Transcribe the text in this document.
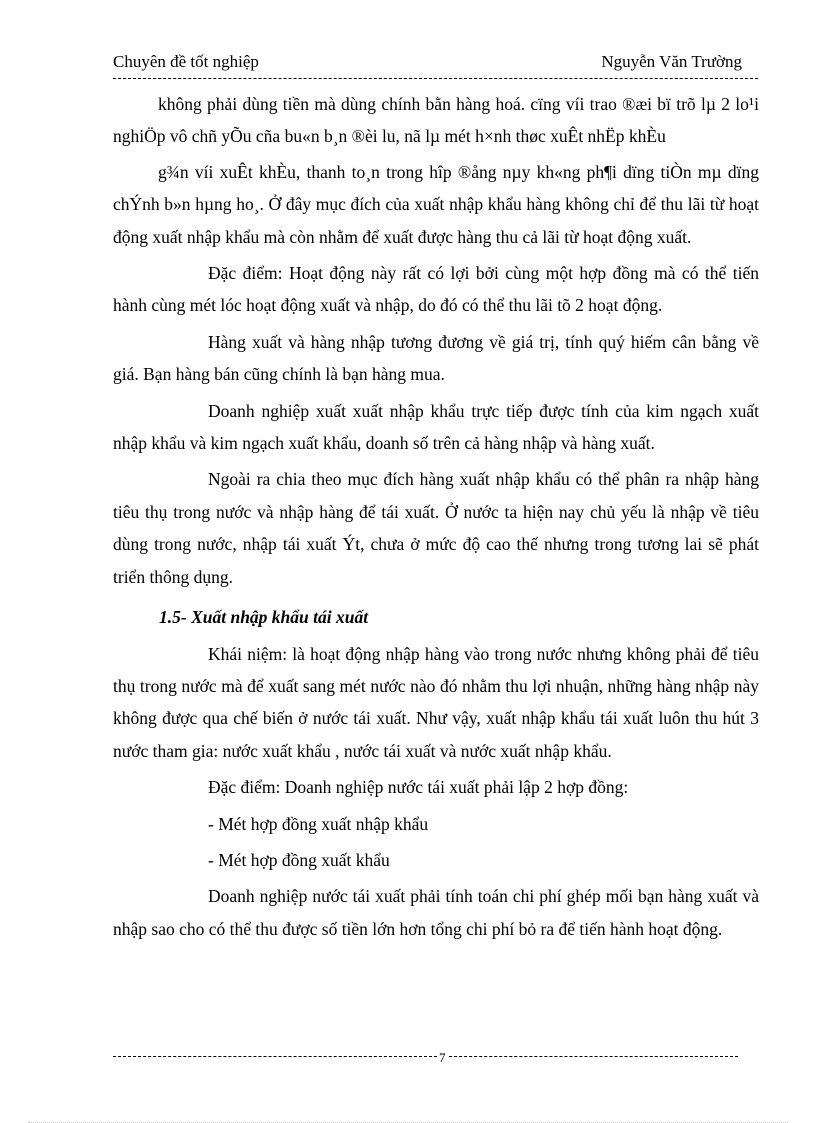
Chuyên đề tốt nghiệp	Nguyễn Văn Trường

không phải dùng tiền mà dùng chính bằn hàng hoá. cïng víi trao ®æi bï trõ lµ 2 lo¹i nghiÖp vô chñ yÕu cña bu«n b¸n ®èi lu, nã lµ mét h×nh thøc xuÊt nhËp khÈu

g¾n víi xuÊt khÈu, thanh to¸n trong hîp ®ång nµy kh«ng ph¶i dïng tiÒn mµ dïng chÝnh b»n hµng ho¸. Ở đây mục đích của xuất nhập khẩu hàng không chỉ để thu lãi từ hoạt động xuất nhập khẩu mà còn nhằm để xuất được hàng thu cả lãi từ hoạt động xuất.

Đặc điểm: Hoạt động này rất có lợi bởi cùng một hợp đồng mà có thể tiến hành cùng mét lóc hoạt động xuất và nhập, do đó có thể thu lãi tõ 2 hoạt động.

Hàng xuất và hàng nhập tương đương về giá trị, tính quý hiếm cân bằng về giá. Bạn hàng bán cũng chính là bạn hàng mua.

Doanh nghiệp xuất xuất nhập khẩu trực tiếp được tính của kim ngạch xuất nhập khẩu và kim ngạch xuất khẩu, doanh số trên cả hàng nhập và hàng xuất.

Ngoài ra chia theo mục đích hàng xuất nhập khẩu có thể phân ra nhập hàng tiêu thụ trong nước và nhập hàng để tái xuất. Ở nước ta hiện nay chủ yếu là nhập về tiêu dùng trong nước, nhập tái xuất Ýt, chưa ở mức độ cao thế nhưng trong tương lai sẽ phát triển thông dụng.

1.5- Xuất nhập khẩu tái xuất

Khái niệm: là hoạt động nhập hàng vào trong nước nhưng không phải để tiêu thụ trong nước mà để xuất sang mét nước nào đó nhằm thu lợi nhuận, những hàng nhập này không được qua chế biến ở nước tái xuất. Như vậy, xuất nhập khẩu tái xuất luôn thu hút 3 nước tham gia: nước xuất khẩu , nước tái xuất và nước xuất nhập khẩu.

Đặc điểm: Doanh nghiệp nước tái xuất phải lập 2 hợp đồng:

- Mét hợp đồng xuất nhập khẩu

- Mét hợp đồng xuất khẩu

Doanh nghiệp nước tái xuất phải tính toán chi phí ghép mối bạn hàng xuất và nhập sao cho có thể thu được số tiền lớn hơn tổng chi phí bỏ ra để tiến hành hoạt động.

7
